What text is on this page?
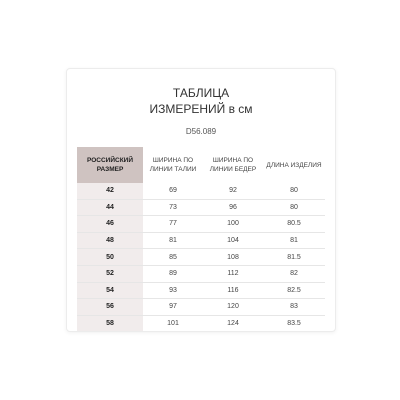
ТАБЛИЦА
ИЗМЕРЕНИЙ в см
D56.089
РОССИЙСКИЙ РАЗМЕР	ШИРИНА ПО ЛИНИИ ТАЛИИ	ШИРИНА ПО ЛИНИИ БЕДЕР	ДЛИНА ИЗДЕЛИЯ
42	69	92	80
44	73	96	80
46	77	100	80.5
48	81	104	81
50	85	108	81.5
52	89	112	82
54	93	116	82.5
56	97	120	83
58	101	124	83.5
